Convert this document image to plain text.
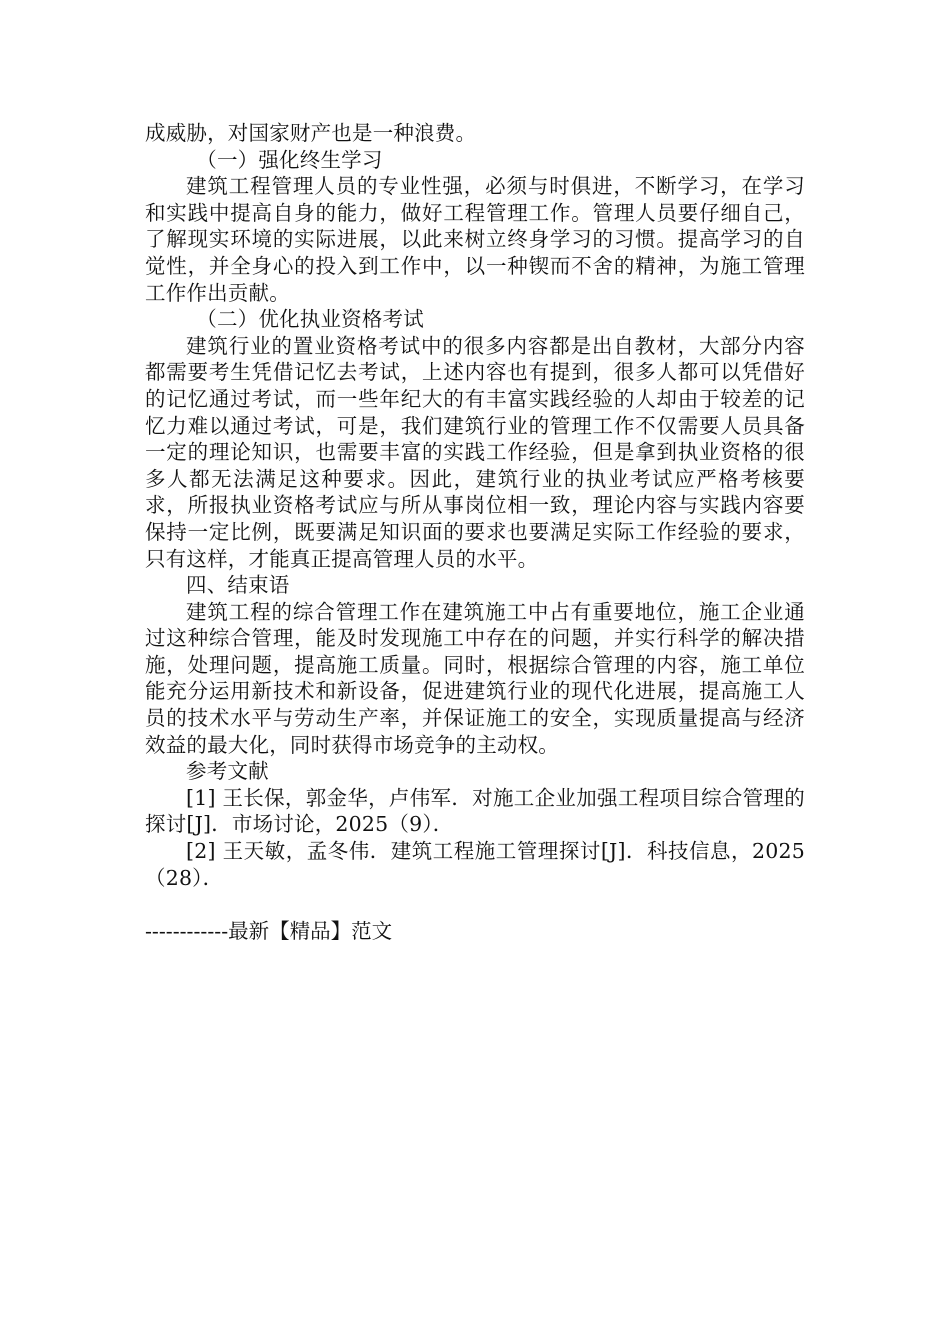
成威胁，对国家财产也是一种浪费。

（一）强化终生学习

建筑工程管理人员的专业性强，必须与时俱进，不断学习，在学习和实践中提高自身的能力，做好工程管理工作。管理人员要仔细自己，了解现实环境的实际进展，以此来树立终身学习的习惯。提高学习的自觉性，并全身心的投入到工作中，以一种锲而不舍的精神，为施工管理工作作出贡献。

（二）优化执业资格考试

建筑行业的置业资格考试中的很多内容都是出自教材，大部分内容都需要考生凭借记忆去考试，上述内容也有提到，很多人都可以凭借好的记忆通过考试，而一些年纪大的有丰富实践经验的人却由于较差的记忆力难以通过考试，可是，我们建筑行业的管理工作不仅需要人员具备一定的理论知识，也需要丰富的实践工作经验，但是拿到执业资格的很多人都无法满足这种要求。因此，建筑行业的执业考试应严格考核要求，所报执业资格考试应与所从事岗位相一致，理论内容与实践内容要保持一定比例，既要满足知识面的要求也要满足实际工作经验的要求，只有这样，才能真正提高管理人员的水平。

四、结束语

建筑工程的综合管理工作在建筑施工中占有重要地位，施工企业通过这种综合管理，能及时发现施工中存在的问题，并实行科学的解决措施，处理问题，提高施工质量。同时，根据综合管理的内容，施工单位能充分运用新技术和新设备，促进建筑行业的现代化进展，提高施工人员的技术水平与劳动生产率，并保证施工的安全，实现质量提高与经济效益的最大化，同时获得市场竞争的主动权。

参考文献

[1] 王长保，郭金华，卢伟军．对施工企业加强工程项目综合管理的探讨[J]．市场讨论，2025（9）．

[2] 王天敏，孟冬伟．建筑工程施工管理探讨[J]．科技信息，2025（28）．

------------最新【精品】范文
